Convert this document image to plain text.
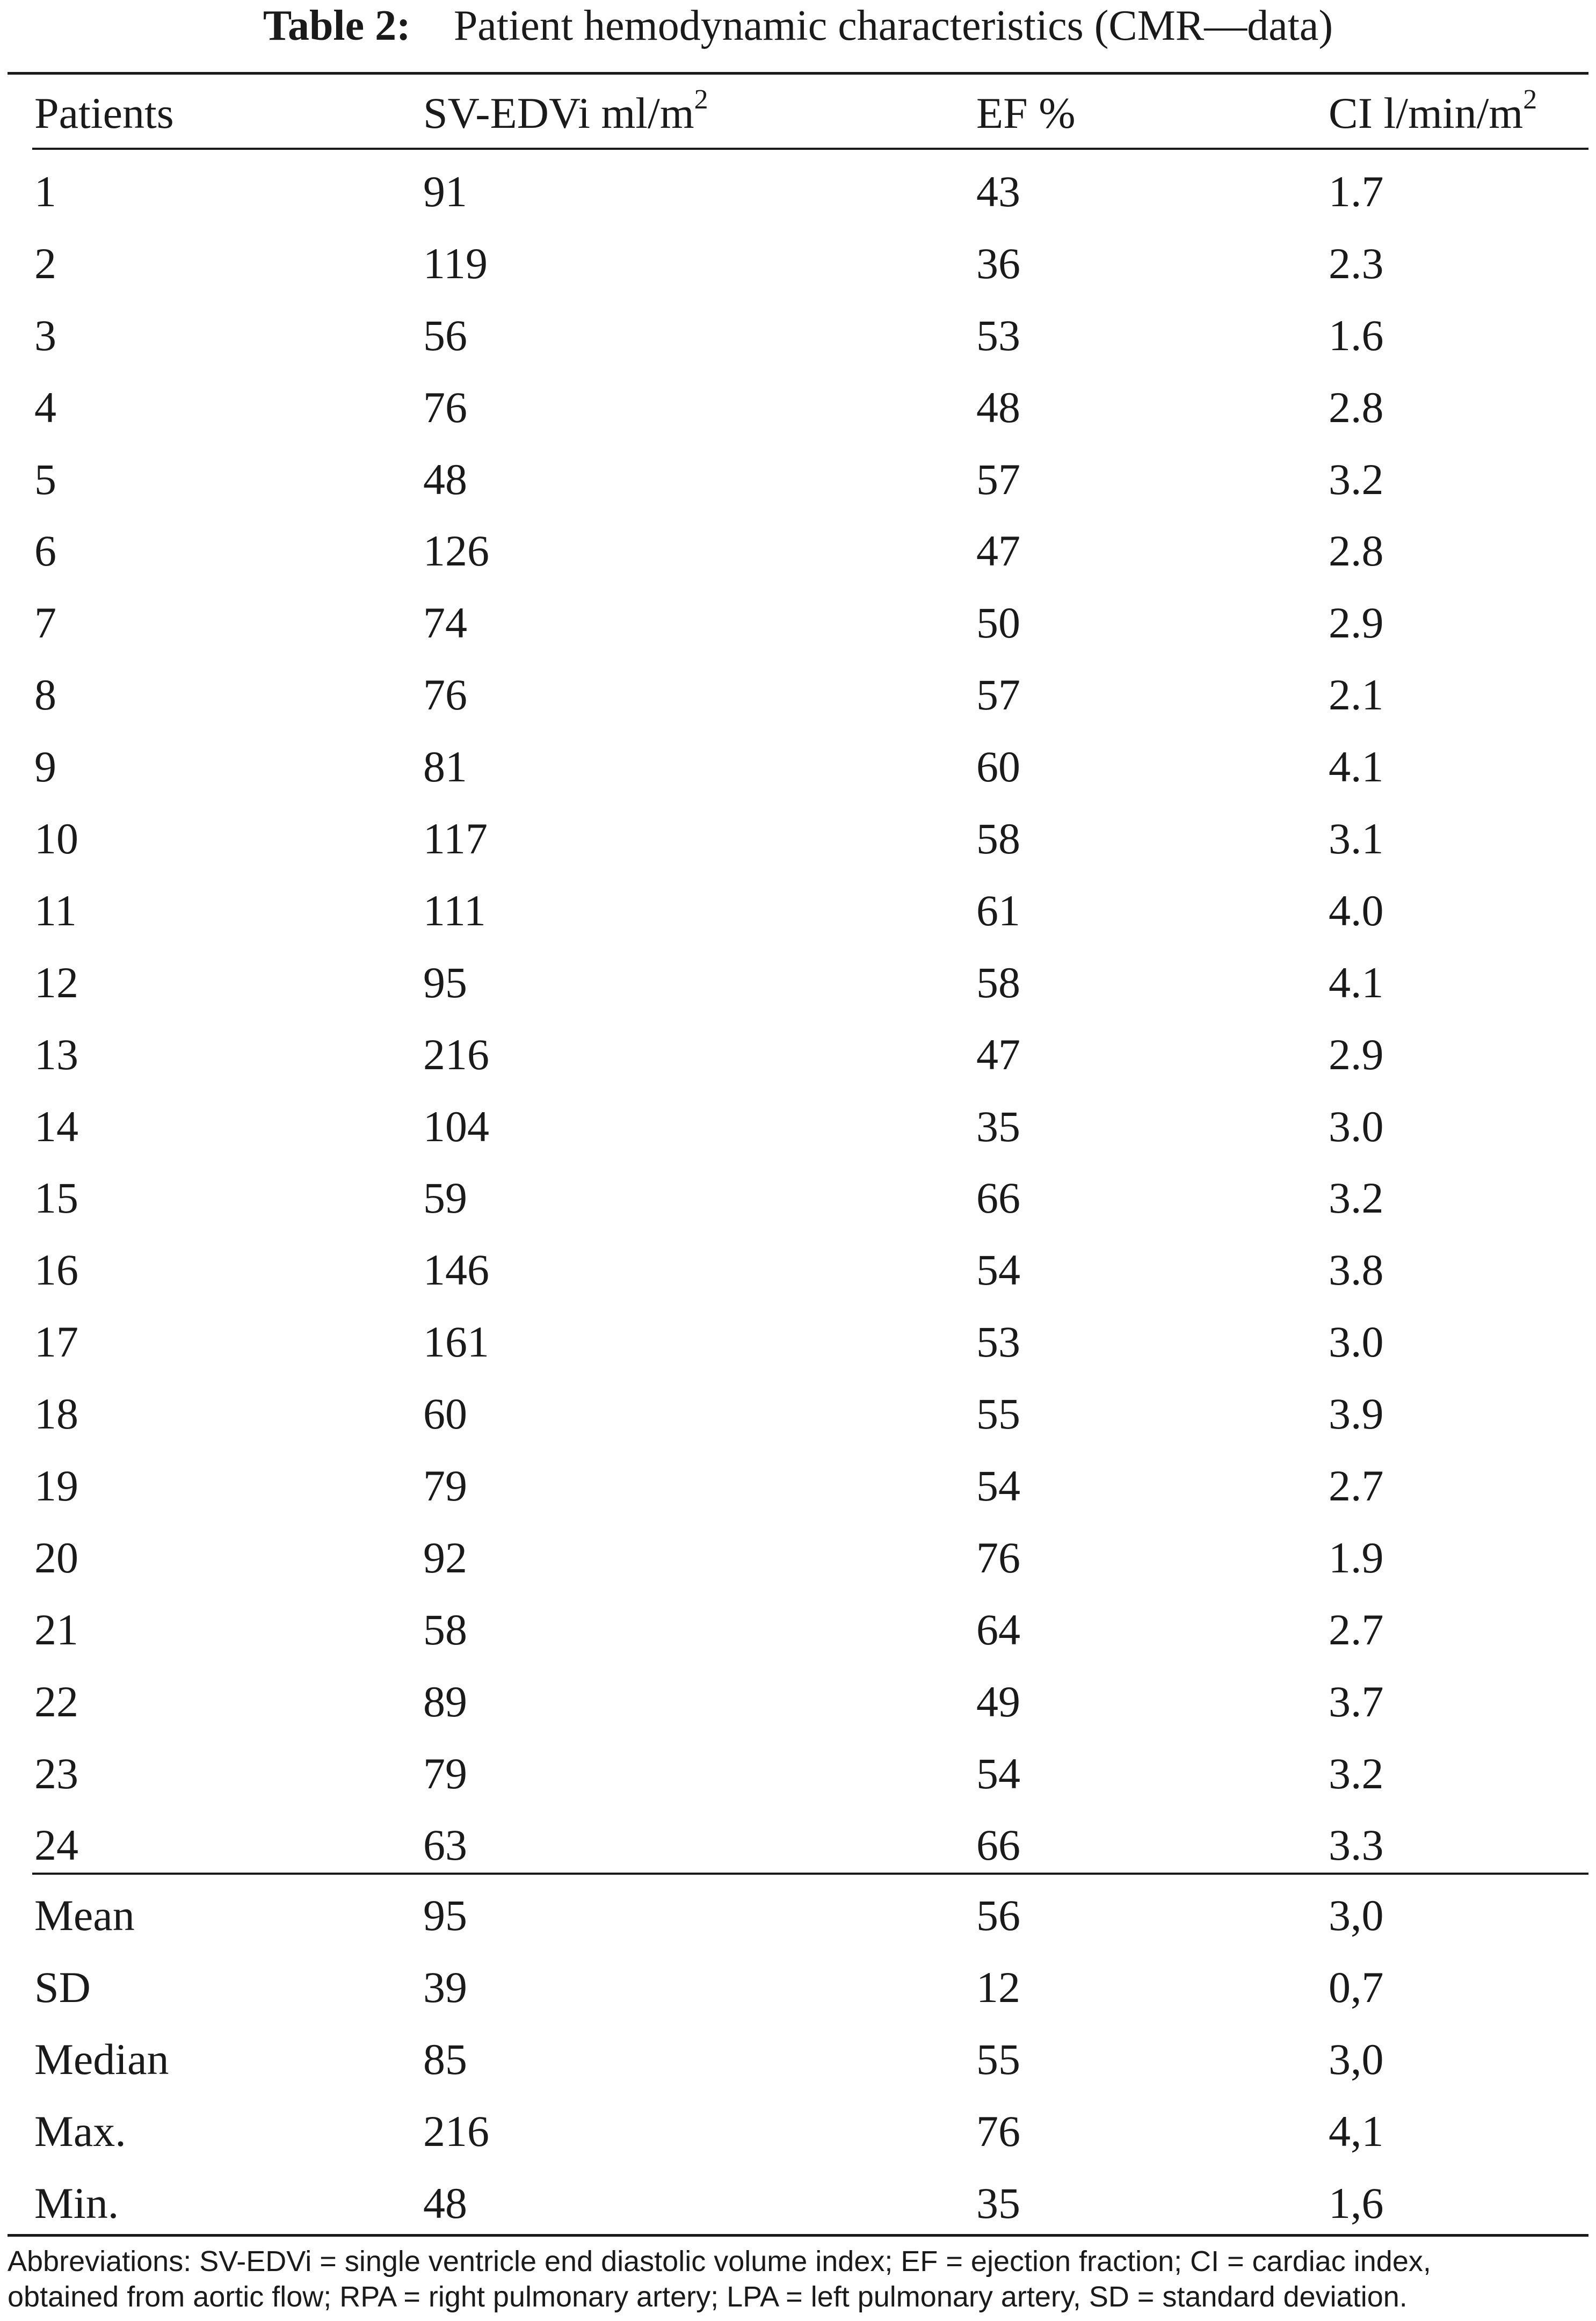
Table 2: Patient hemodynamic characteristics (CMR—data)
	Patients	SV-EDVi $ml/m^2$	EF %	CI $l/\min/m^2$
	1	91	43	1.7
	2	119	36	2.3
	3	56	53	1.6
	4	76	48	2.8
	5	48	57	3.2
	6	126	47	2.8
	7	74	50	2.9
	8	76	57	2.1
	9	81	60	4.1
	10	117	58	3.1
	11	111	61	4.0
	12	95	58	4.1
	13	216	47	2.9
	14	104	35	3.0
	15	59	66	3.2
	16	146	54	3.8
	17	161	53	3.0
	18	60	55	3.9
	19	79	54	2.7
	20	92	76	1.9
	21	58	64	2.7
	22	89	49	3.7
	23	79	54	3.2
	24	63	66	3.3
	Mean	95	56	3,0
	SD	39	12	0,7
	Median	85	55	3,0
	Max.	216	76	4,1
	Min.	48	35	1,6
Abbreviations: SV-EDVi = single ventricle end diastolic volume index; EF = ejection fraction; CI = cardiac index,
obtained from aortic flow; RPA = right pulmonary artery; LPA = left pulmonary artery, SD = standard deviation.
